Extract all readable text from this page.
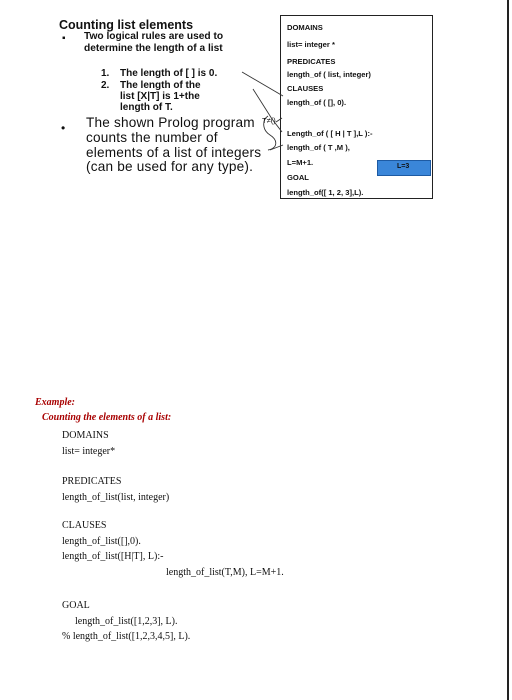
Counting list elements
▪ Two logical rules are used to determine the length of a list
1. The length of [ ] is 0.
2. The length of the
list [X|T] is 1+the
length of T.
• The shown Prolog program counts the number of elements of a list of integers (can be used for any type).
DOMAINS
list= integer *
PREDICATES
length_of ( list, integer)
CLAUSES
length_of ( [], 0).
Length_of ( [ H | T ],L ):-
length_of ( T ,M ),
L=M+1.
GOAL
length_of([ 1, 2, 3],L).
L=3
T≠()
Example:
Counting the elements of a list:
DOMAINS
list= integer*
PREDICATES
length_of_list(list, integer)
CLAUSES
length_of_list([],0).
length_of_list([H|T], L):-
length_of_list(T,M), L=M+1.
GOAL
length_of_list([1,2,3], L).
% length_of_list([1,2,3,4,5], L).
